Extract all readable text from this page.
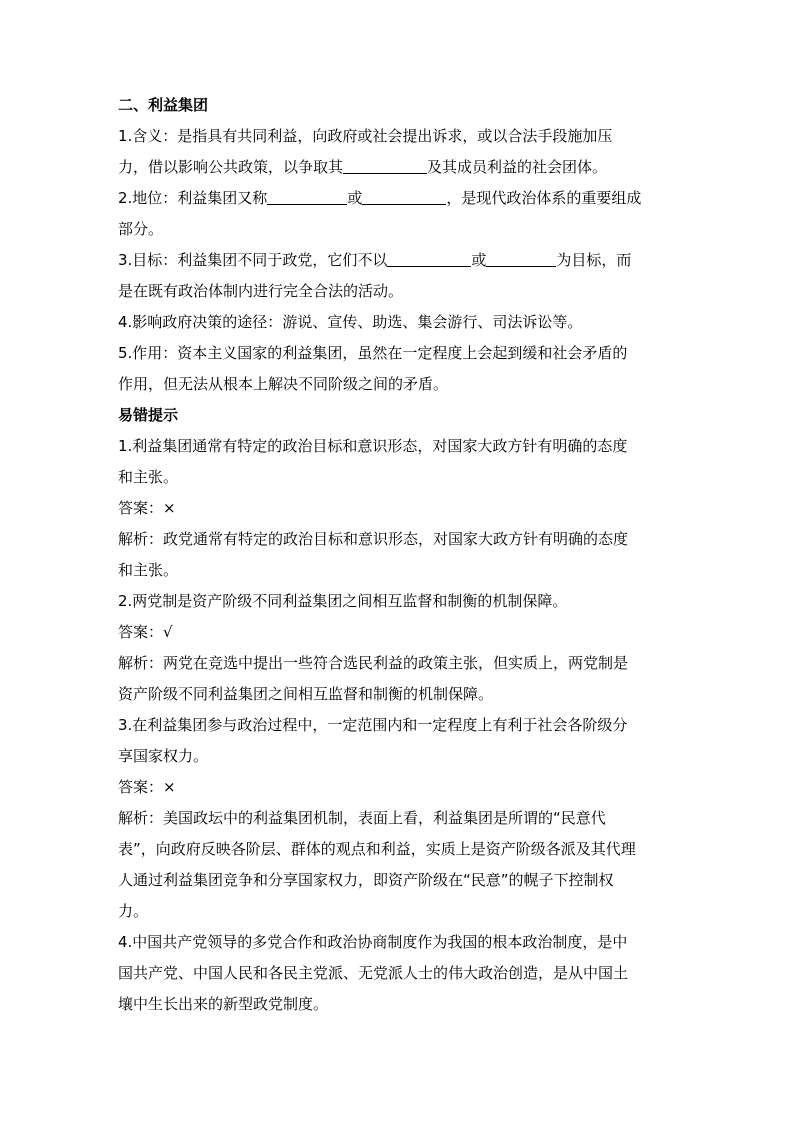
二、利益集团
1.含义：是指具有共同利益，向政府或社会提出诉求，或以合法手段施加压
力，借以影响公共政策，以争取其	及其成员利益的社会团体。
2.地位：利益集团又称	或	，是现代政治体系的重要组成
部分。
3.目标：利益集团不同于政党，它们不以	或	为目标，而
是在既有政治体制内进行完全合法的活动。
4.影响政府决策的途径：游说、宣传、助选、集会游行、司法诉讼等。
5.作用：资本主义国家的利益集团，虽然在一定程度上会起到缓和社会矛盾的
作用，但无法从根本上解决不同阶级之间的矛盾。
易错提示
1.利益集团通常有特定的政治目标和意识形态，对国家大政方针有明确的态度
和主张。
答案：×
解析：政党通常有特定的政治目标和意识形态，对国家大政方针有明确的态度
和主张。
2.两党制是资产阶级不同利益集团之间相互监督和制衡的机制保障。
答案：√
解析：两党在竞选中提出一些符合选民利益的政策主张，但实质上，两党制是
资产阶级不同利益集团之间相互监督和制衡的机制保障。
3.在利益集团参与政治过程中，一定范围内和一定程度上有利于社会各阶级分
享国家权力。
答案：×
解析：美国政坛中的利益集团机制，表面上看，利益集团是所谓的“民意代
表”，向政府反映各阶层、群体的观点和利益，实质上是资产阶级各派及其代理
人通过利益集团竞争和分享国家权力，即资产阶级在“民意”的幌子下控制权
力。
4.中国共产党领导的多党合作和政治协商制度作为我国的根本政治制度，是中
国共产党、中国人民和各民主党派、无党派人士的伟大政治创造，是从中国土
壤中生长出来的新型政党制度。
